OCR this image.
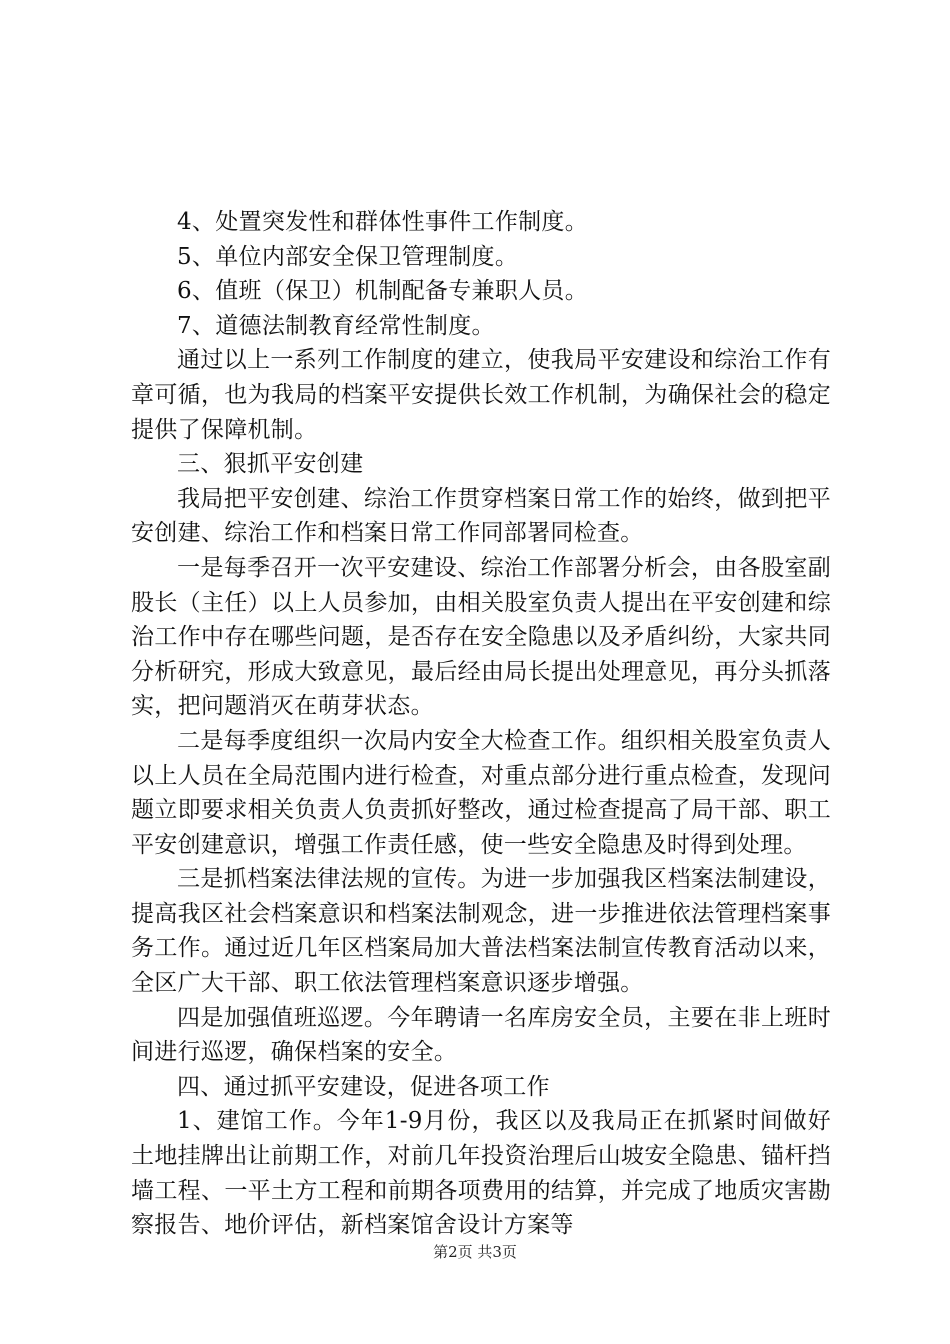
4、处置突发性和群体性事件工作制度。

5、单位内部安全保卫管理制度。

6、值班（保卫）机制配备专兼职人员。

7、道德法制教育经常性制度。

通过以上一系列工作制度的建立，使我局平安建设和综治工作有章可循，也为我局的档案平安提供长效工作机制，为确保社会的稳定提供了保障机制。

三、狠抓平安创建

我局把平安创建、综治工作贯穿档案日常工作的始终，做到把平安创建、综治工作和档案日常工作同部署同检查。

一是每季召开一次平安建设、综治工作部署分析会，由各股室副股长（主任）以上人员参加，由相关股室负责人提出在平安创建和综治工作中存在哪些问题，是否存在安全隐患以及矛盾纠纷，大家共同分析研究，形成大致意见，最后经由局长提出处理意见，再分头抓落实，把问题消灭在萌芽状态。

二是每季度组织一次局内安全大检查工作。组织相关股室负责人以上人员在全局范围内进行检查，对重点部分进行重点检查，发现问题立即要求相关负责人负责抓好整改，通过检查提高了局干部、职工平安创建意识，增强工作责任感，使一些安全隐患及时得到处理。

三是抓档案法律法规的宣传。为进一步加强我区档案法制建设，提高我区社会档案意识和档案法制观念，进一步推进依法管理档案事务工作。通过近几年区档案局加大普法档案法制宣传教育活动以来，全区广大干部、职工依法管理档案意识逐步增强。

四是加强值班巡逻。今年聘请一名库房安全员，主要在非上班时间进行巡逻，确保档案的安全。

四、通过抓平安建设，促进各项工作

1、建馆工作。今年1-9月份，我区以及我局正在抓紧时间做好土地挂牌出让前期工作，对前几年投资治理后山坡安全隐患、锚杆挡墙工程、一平土方工程和前期各项费用的结算，并完成了地质灾害勘察报告、地价评估，新档案馆舍设计方案等

第2页 共3页
